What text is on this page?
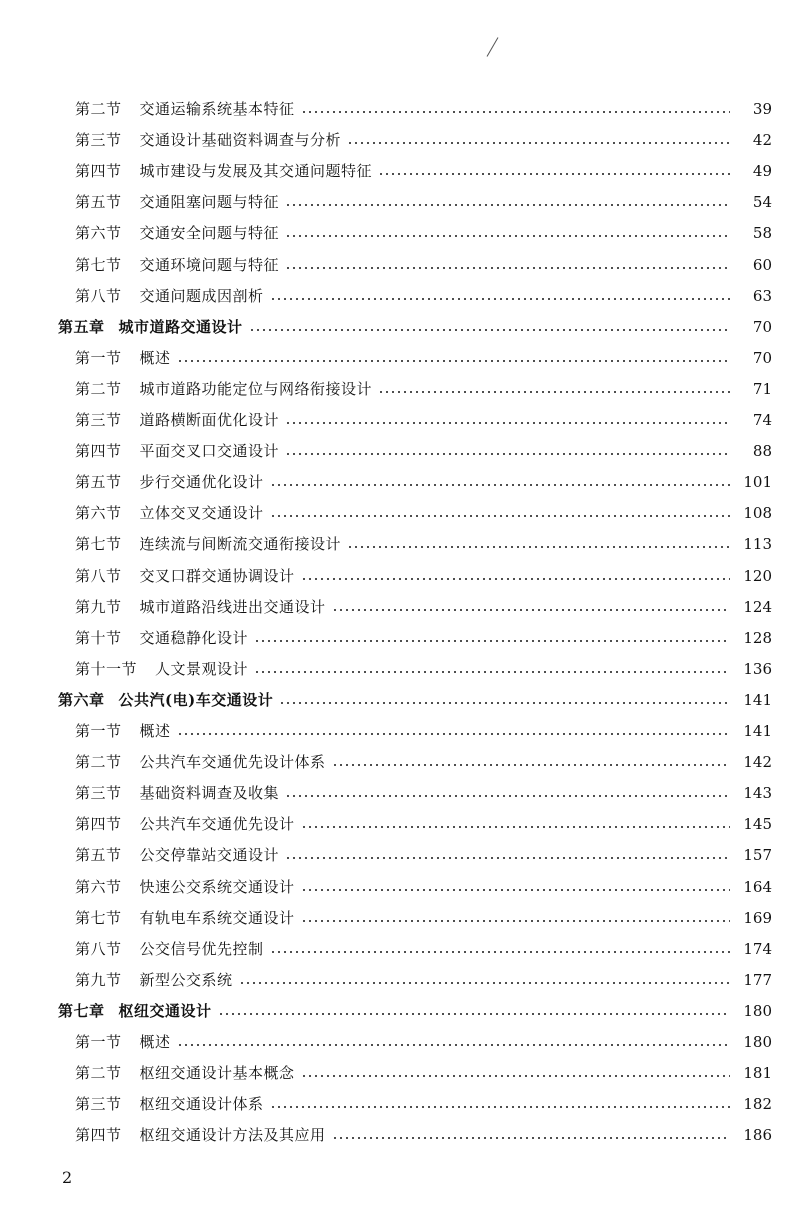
第二节 交通运输系统基本特征	39
第三节 交通设计基础资料调查与分析	42
第四节 城市建设与发展及其交通问题特征	49
第五节 交通阻塞问题与特征	54
第六节 交通安全问题与特征	58
第七节 交通环境问题与特征	60
第八节 交通问题成因剖析	63
第五章 城市道路交通设计	70
第一节 概述	70
第二节 城市道路功能定位与网络衔接设计	71
第三节 道路横断面优化设计	74
第四节 平面交叉口交通设计	88
第五节 步行交通优化设计	101
第六节 立体交叉交通设计	108
第七节 连续流与间断流交通衔接设计	113
第八节 交叉口群交通协调设计	120
第九节 城市道路沿线进出交通设计	124
第十节 交通稳静化设计	128
第十一节 人文景观设计	136
第六章 公共汽(电)车交通设计	141
第一节 概述	141
第二节 公共汽车交通优先设计体系	142
第三节 基础资料调查及收集	143
第四节 公共汽车交通优先设计	145
第五节 公交停靠站交通设计	157
第六节 快速公交系统交通设计	164
第七节 有轨电车系统交通设计	169
第八节 公交信号优先控制	174
第九节 新型公交系统	177
第七章 枢纽交通设计	180
第一节 概述	180
第二节 枢纽交通设计基本概念	181
第三节 枢纽交通设计体系	182
第四节 枢纽交通设计方法及其应用	186
2
